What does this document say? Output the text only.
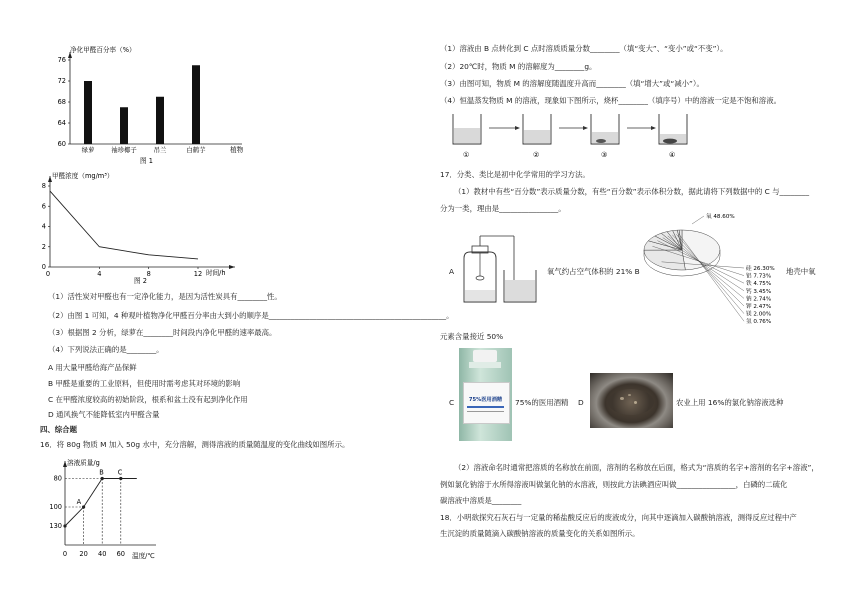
净化甲醛百分率（%）
60
64
68
72
76
绿萝	袖珍椰子	吊兰	白鹤芋	植物
图 1
甲醛浓度（mg/m³）
0
2
4
6
8
4	8	12
0	时间/h
图 2
（1）活性炭对甲醛也有一定净化能力，是因为活性炭具有________性。
（2）由图 1 可知，4 种观叶植物净化甲醛百分率由大到小的顺序是________________________________________________。
（3）根据图 2 分析，绿萝在________时间段内净化甲醛的速率最高。
（4）下列说法正确的是________。
A 用大量甲醛给海产品保鲜
B 甲醛是重要的工业原料，但使用时需考虑其对环境的影响
C 在甲醛浓度较高的初始阶段，根系和盆土没有起到净化作用
D 通风换气不能降低室内甲醛含量
四、综合题
16．将 80g 物质 M 加入 50g 水中，充分溶解，测得溶液的质量随温度的变化曲线如图所示。
溶液质量/g
130
100
80
0 20 40 60
A
B C
温度/℃
（1）溶液由 B 点转化到 C 点时溶质质量分数________（填“变大”、“变小”或“不变”）。
（2）20℃时，物质 M 的溶解度为________g。
（3）由图可知，物质 M 的溶解度随温度升高而________（填“增大”或“减小”）。
（4）恒温蒸发物质 M 的溶液，现象如下图所示，烧杯________（填序号）中的溶液一定是不饱和溶液。
①	②	③	④
17．分类、类比是初中化学常用的学习方法。
（1）教材中有些“百分数”表示质量分数，有些“百分数”表示体积分数，据此请将下列数据中的 C 与________
分为一类，理由是________________。
A	氧气约占空气体积的 21% B
氧 48.60%
硅 26.30%
铝 7.73%
铁 4.75%
钙 3.45%
钠 2.74%
钾 2.47%
镁 2.00%
氢 0.76%
地壳中氧
元素含量接近 50%
C	75%医用酒精	75%的医用酒精 D	农业上用 16%的氯化钠溶液选种
（2）溶液命名时通常把溶质的名称放在前面，溶剂的名称放在后面，格式为“溶质的名字+溶剂的名字+溶液”，
例如氯化钠溶于水所得溶液叫做氯化钠的水溶液，则按此方法碘酒应叫做________________，白磷的二硫化
碳溶液中溶质是________
18．小明欲探究石灰石与一定量的稀盐酸反应后的废液成分，向其中逐滴加入碳酸钠溶液，测得反应过程中产
生沉淀的质量随滴入碳酸钠溶液的质量变化的关系如图所示。
